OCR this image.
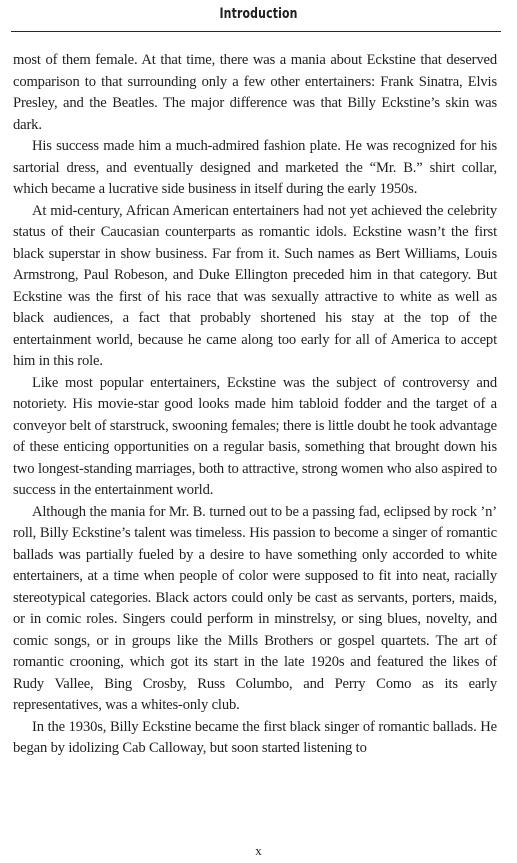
Introduction

most of them female. At that time, there was a mania about Eckstine that deserved comparison to that surrounding only a few other entertainers: Frank Sinatra, Elvis Presley, and the Beatles. The major difference was that Billy Eckstine’s skin was dark.

His success made him a much-admired fashion plate. He was recognized for his sartorial dress, and eventually designed and marketed the “Mr. B.” shirt collar, which became a lucrative side business in itself during the early 1950s.

At mid-century, African American entertainers had not yet achieved the celebrity status of their Caucasian counterparts as romantic idols. Eckstine wasn’t the first black superstar in show business. Far from it. Such names as Bert Williams, Louis Armstrong, Paul Robeson, and Duke Ellington preceded him in that category. But Eckstine was the first of his race that was sexually attractive to white as well as black audiences, a fact that probably shortened his stay at the top of the entertainment world, because he came along too early for all of America to accept him in this role.

Like most popular entertainers, Eckstine was the subject of controversy and notoriety. His movie-star good looks made him tabloid fodder and the target of a conveyor belt of starstruck, swooning females; there is little doubt he took advantage of these enticing opportunities on a regular basis, something that brought down his two longest-standing marriages, both to attractive, strong women who also aspired to success in the entertainment world.

Although the mania for Mr. B. turned out to be a passing fad, eclipsed by rock ’n’ roll, Billy Eckstine’s talent was timeless. His passion to become a singer of romantic ballads was partially fueled by a desire to have something only accorded to white entertainers, at a time when people of color were supposed to fit into neat, racially stereotypical categories. Black actors could only be cast as servants, porters, maids, or in comic roles. Singers could perform in minstrelsy, or sing blues, novelty, and comic songs, or in groups like the Mills Brothers or gospel quartets. The art of romantic crooning, which got its start in the late 1920s and featured the likes of Rudy Vallee, Bing Crosby, Russ Columbo, and Perry Como as its early representatives, was a whites-only club.

In the 1930s, Billy Eckstine became the first black singer of romantic ballads. He began by idolizing Cab Calloway, but soon started listening to

x
